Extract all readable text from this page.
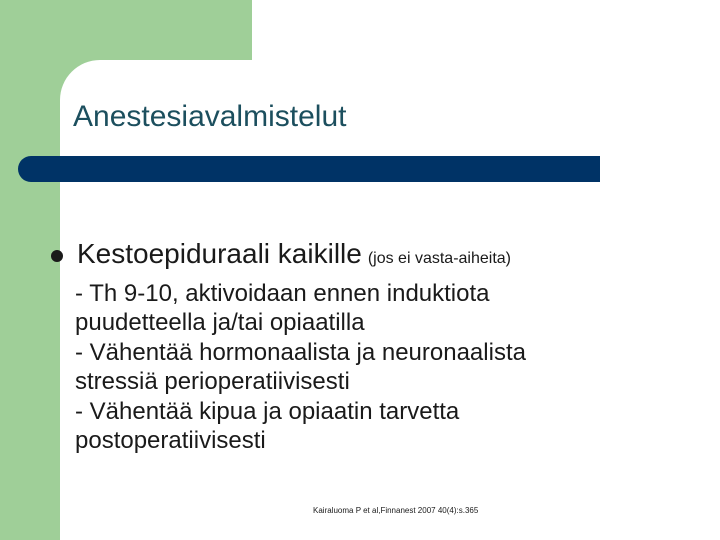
Anestesiavalmistelut
Kestoepiduraali kaikille (jos ei vasta-aiheita)
- Th 9-10, aktivoidaan ennen induktiota
puudetteella ja/tai opiaatilla
- Vähentää hormonaalista ja neuronaalista
stressiä perioperatiivisesti
- Vähentää kipua ja opiaatin tarvetta
postoperatiivisesti
Kairaluoma P et al,Finnanest 2007 40(4):s.365
